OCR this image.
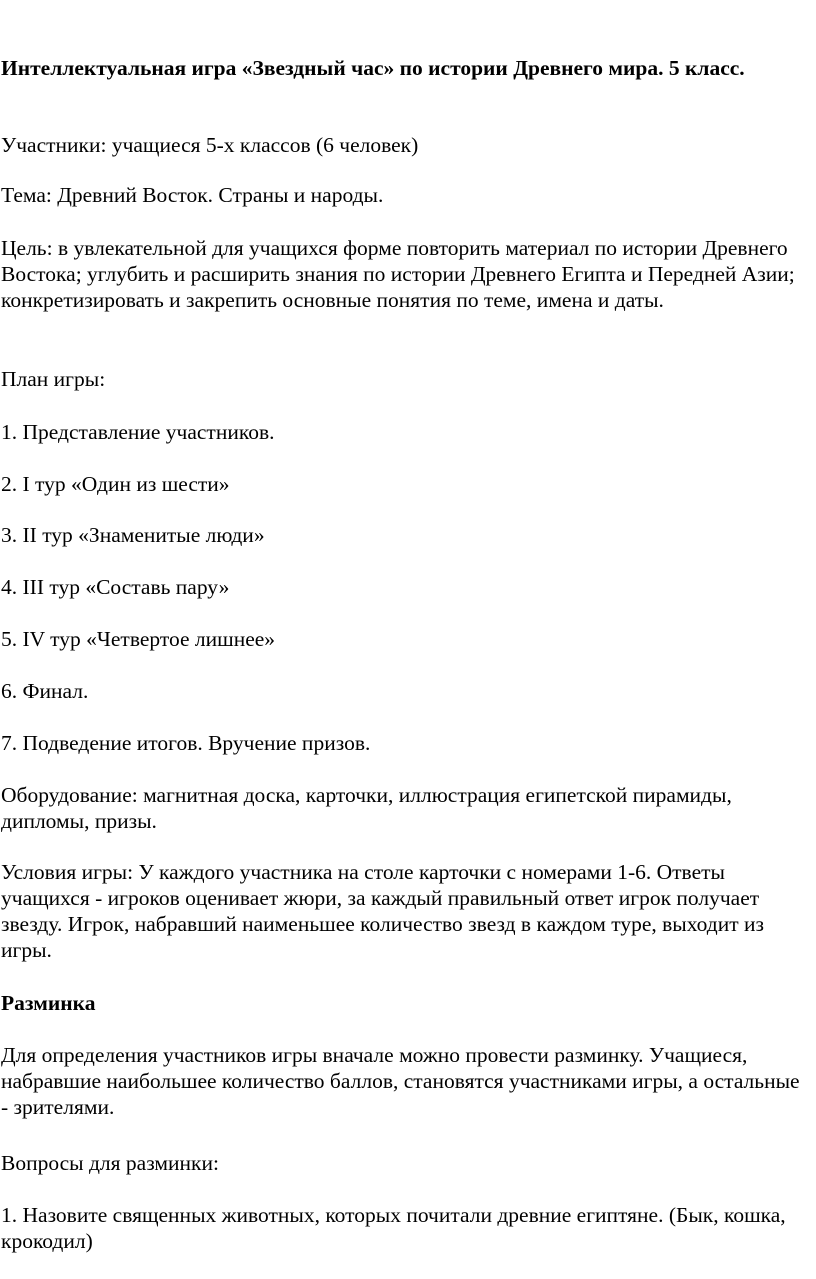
Интеллектуальная игра «Звездный час» по истории Древнего мира. 5 класс.

Участники: учащиеся 5-х классов (6 человек)

Тема: Древний Восток. Страны и народы.

Цель: в увлекательной для учащихся форме повторить материал по истории Древнего Востока; углубить и расширить знания по истории Древнего Египта и Передней Азии; конкретизировать и закрепить основные понятия по теме, имена и даты.

План игры:

1. Представление участников.

2. I тур «Один из шести»

3. II тур «Знаменитые люди»

4. III тур «Составь пару»

5. IV тур «Четвертое лишнее»

6. Финал.

7. Подведение итогов. Вручение призов.

Оборудование: магнитная доска, карточки, иллюстрация египетской пирамиды, дипломы, призы.

Условия игры: У каждого участника на столе карточки с номерами 1-6. Ответы учащихся - игроков оценивает жюри, за каждый правильный ответ игрок получает звезду. Игрок, набравший наименьшее количество звезд в каждом туре, выходит из игры.

Разминка

Для определения участников игры вначале можно провести разминку. Учащиеся, набравшие наибольшее количество баллов, становятся участниками игры, а остальные - зрителями.

Вопросы для разминки:

1. Назовите священных животных, которых почитали древние египтяне. (Бык, кошка, крокодил)
